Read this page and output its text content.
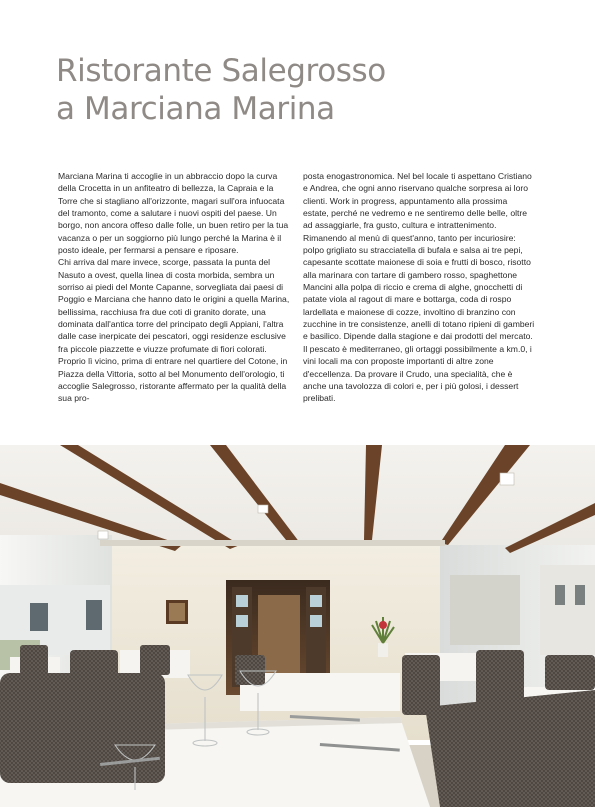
Ristorante Salegrosso
a Marciana Marina

Marciana Marina ti accoglie in un abbraccio dopo la curva della Crocetta in un anfiteatro di bellezza, la Capraia e la Torre che si stagliano all'orizzonte, magari sull'ora infuocata del tramonto, come a salutare i nuovi ospiti del paese. Un borgo, non ancora offeso dalle folle, un buen retiro per la tua vacanza o per un soggiorno più lungo perché la Marina è il posto ideale, per fermarsi a pensare e riposare.
Chi arriva dal mare invece, scorge, passata la punta del Nasuto a ovest, quella linea di costa morbida, sembra un sorriso ai piedi del Monte Capanne, sorvegliata dai paesi di Poggio e Marciana che hanno dato le origini a quella Marina, bellissima, racchiusa fra due coti di granito dorate, una dominata dall'antica torre del principato degli Appiani, l'altra dalle case inerpicate dei pescatori, oggi residenze esclusive fra piccole piazzette e viuzze profumate di fiori colorati. Proprio lì vicino, prima di entrare nel quartiere del Cotone, in Piazza della Vittoria, sotto al bel Monumento dell'orologio, ti accoglie Salegrosso, ristorante affermato per la qualità della sua pro-

posta enogastronomica. Nel bel locale ti aspettano Cristiano e Andrea, che ogni anno riservano qualche sorpresa ai loro clienti. Work in progress, appuntamento alla prossima estate, perché ne vedremo e ne sentiremo delle belle, oltre ad assaggiarle, fra gusto, cultura e intrattenimento. Rimanendo al menù di quest'anno, tanto per incuriosire: polpo grigliato su stracciatella di bufala e salsa ai tre pepi, capesante scottate maionese di soia e frutti di bosco, risotto alla marinara con tartare di gambero rosso, spaghettone Mancini alla polpa di riccio e crema di alghe, gnocchetti di patate viola al ragout di mare e bottarga, coda di rospo lardellata e maionese di cozze, involtino di branzino con zucchine in tre consistenze, anelli di totano ripieni di gamberi e basilico. Dipende dalla stagione e dai prodotti del mercato. Il pescato è mediterraneo, gli ortaggi possibilmente a km.0, i vini locali ma con proposte importanti di altre zone d'eccellenza. Da provare il Crudo, una specialità, che è anche una tavolozza di colori e, per i più golosi, i dessert prelibati.
